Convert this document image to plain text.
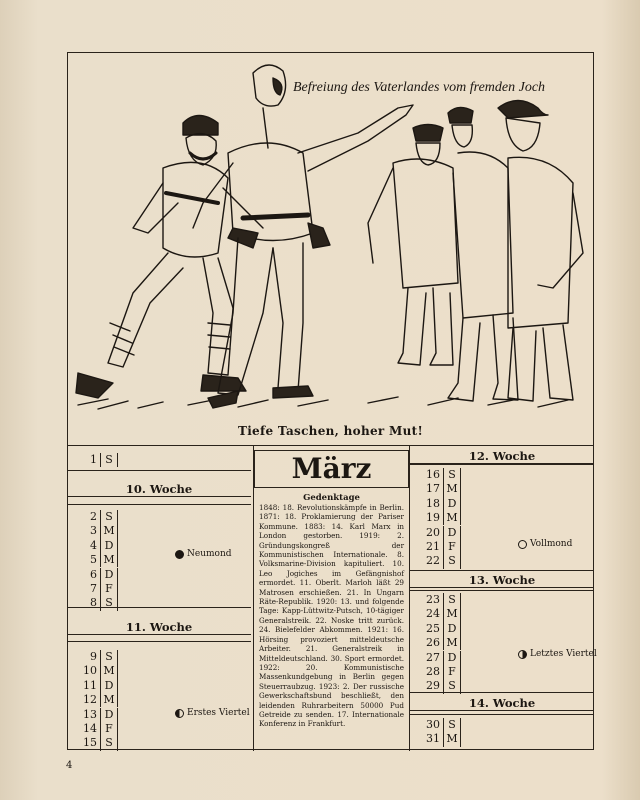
Befreiung des Vaterlandes vom fremden Joch
Tiefe Taschen, hoher Mut!
1 S
10. Woche
2 S
3 M
4 D
5 M
6 D
7 F
8 S
Neumond
11. Woche
9 S
10 M
11 D
12 M
13 D
14 F
15 S
Erstes Viertel
März
Gedenktage
1848: 18. Revolutionskämpfe in Berlin. 1871: 18. Proklamierung der Pariser Kommune. 1883: 14. Karl Marx in London gestorben. 1919: 2. Gründungskongreß der Kommunistischen Internationale. 8. Volksmarine-Division kapituliert. 10. Leo Jogiches im Gefängnishof ermordet. 11. Oberlt. Marloh läßt 29 Matrosen erschießen. 21. In Ungarn Räte-Republik. 1920: 13. und folgende Tage: Kapp-Lüttwitz-Putsch, 10-tägiger Generalstreik. 22. Noske tritt zurück. 24. Bielefelder Abkommen. 1921: 16. Hörsing provoziert mitteldeutsche Arbeiter. 21. Generalstreik in Mitteldeutschland. 30. Sport ermordet. 1922: 20. Kommunistische Massenkundgebung in Berlin gegen Steuerraubzug. 1923: 2. Der russische Gewerkschaftsbund beschließt, den leidenden Ruhrarbeitern 50000 Pud Getreide zu senden. 17. Internationale Konferenz in Frankfurt.
12. Woche
16 S
17 M
18 D
19 M
20 D
21 F
22 S
Vollmond
13. Woche
23 S
24 M
25 D
26 M
27 D
28 F
29 S
Letztes Viertel
14. Woche
30 S
31 M
4
